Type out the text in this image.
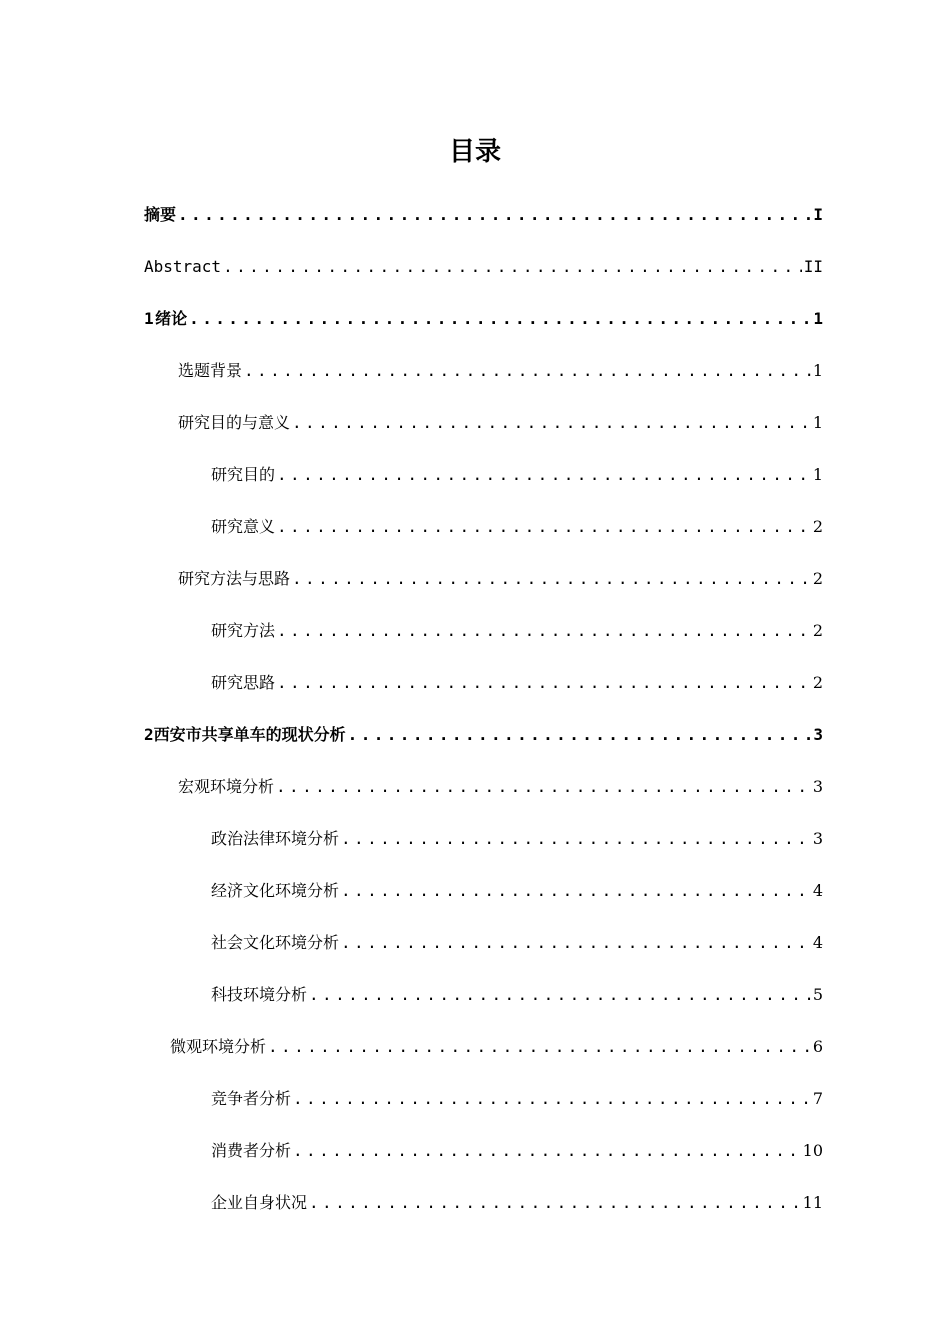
目录
摘要 .....	I
Abstract .....	II
1 绪论 .....	1
选题背景 .....	1
研究目的与意义 .....	1
研究目的 .....	1
研究意义 .....	2
研究方法与思路 .....	2
研究方法 .....	2
研究思路 .....	2
2 西安市共享单车的现状分析 .....	3
宏观环境分析 .....	3
政治法律环境分析 .....	3
经济文化环境分析 .....	4
社会文化环境分析 .....	4
科技环境分析 .....	5
微观环境分析 .....	6
竞争者分析 .....	7
消费者分析 .....	10
企业自身状况 .....	11
